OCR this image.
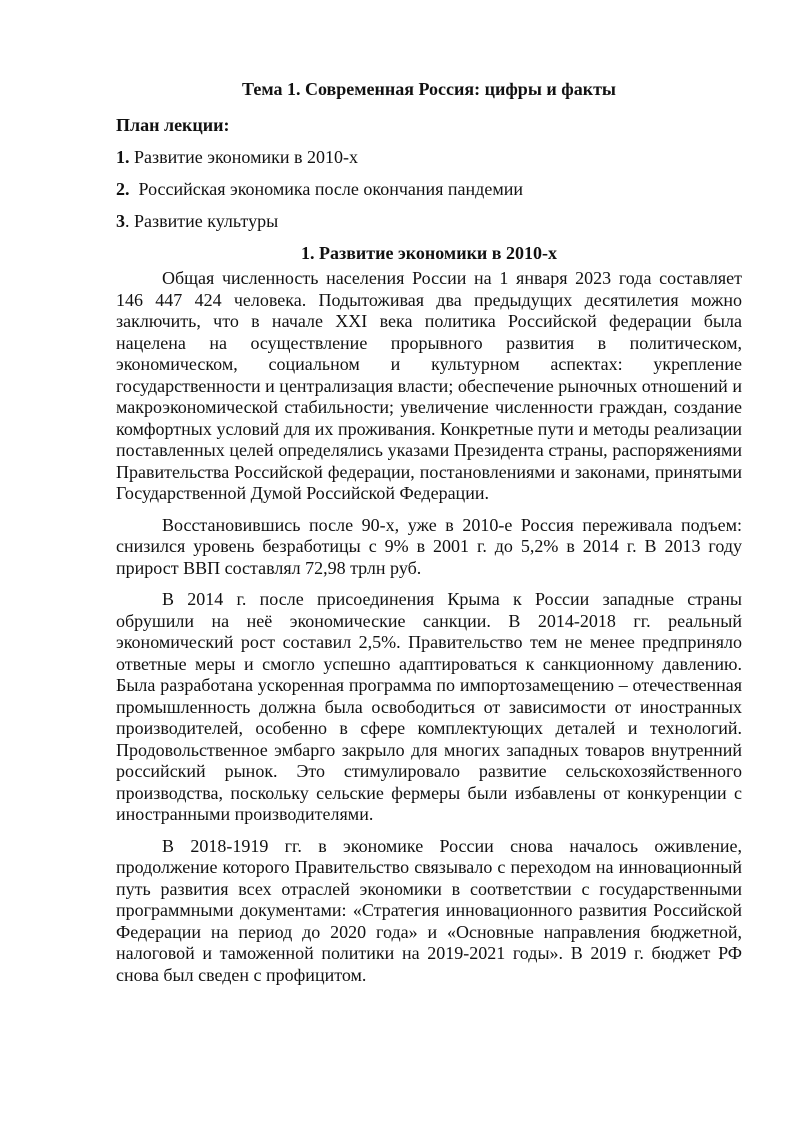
Тема 1. Современная Россия: цифры и факты
План лекции:
1. Развитие экономики в 2010-х
2.  Российская экономика после окончания пандемии
3. Развитие культуры
1. Развитие экономики в 2010-х

Общая численность населения России на 1 января 2023 года составляет 146 447 424 человека. Подытоживая два предыдущих десятилетия можно заключить, что в начале XXI века политика Российской федерации была нацелена на осуществление прорывного развития в политическом, экономическом, социальном и культурном аспектах: укрепление государственности и централизация власти; обеспечение рыночных отношений и макроэкономической стабильности; увеличение численности граждан, создание комфортных условий для их проживания. Конкретные пути и методы реализации поставленных целей определялись указами Президента страны, распоряжениями Правительства Российской федерации, постановлениями и законами, принятыми Государственной Думой Российской Федерации.

Восстановившись после 90-х, уже в 2010-е Россия переживала подъем: снизился уровень безработицы с 9% в 2001 г. до 5,2% в 2014 г. В 2013 году прирост ВВП составлял 72,98 трлн руб.

В 2014 г. после присоединения Крыма к России западные страны обрушили на неё экономические санкции. В 2014-2018 гг. реальный экономический рост составил 2,5%. Правительство тем не менее предприняло ответные меры и смогло успешно адаптироваться к санкционному давлению. Была разработана ускоренная программа по импортозамещению – отечественная промышленность должна была освободиться от зависимости от иностранных производителей, особенно в сфере комплектующих деталей и технологий. Продовольственное эмбарго закрыло для многих западных товаров внутренний российский рынок. Это стимулировало развитие сельскохозяйственного производства, поскольку сельские фермеры были избавлены от конкуренции с иностранными производителями.

В 2018-1919 гг. в экономике России снова началось оживление, продолжение которого Правительство связывало с переходом на инновационный путь развития всех отраслей экономики в соответствии с государственными программными документами: «Стратегия инновационного развития Российской Федерации на период до 2020 года» и «Основные направления бюджетной, налоговой и таможенной политики на 2019-2021 годы». В 2019 г. бюджет РФ снова был сведен с профицитом.
